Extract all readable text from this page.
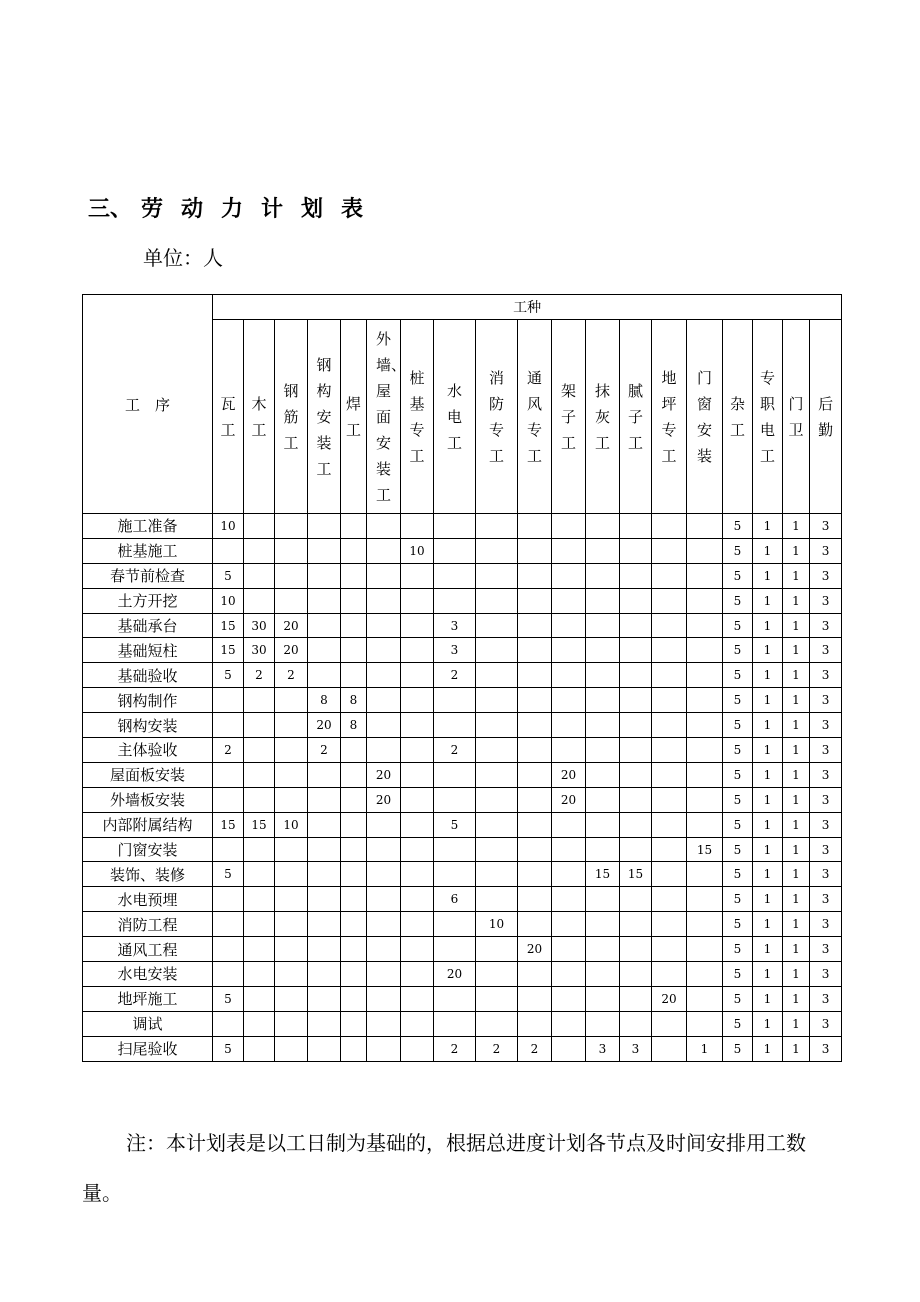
三、 劳 动 力 计 划 表
单位：人
工　序	工种																		
	瓦工	木工	钢筋工	钢构安装工	焊工	外墙、屋面安装工	桩基专工	水电工	消防专工	通风专工	架子工	抹灰工	腻子工	地坪专工	门窗安装	杂工	专职电工	门卫	后勤
施工准备	10															5	1	1	3
桩基施工							10									5	1	1	3
春节前检查	5															5	1	1	3
土方开挖	10															5	1	1	3
基础承台	15	30	20					3								5	1	1	3
基础短柱	15	30	20					3								5	1	1	3
基础验收	5	2	2					2								5	1	1	3
钢构制作				8	8											5	1	1	3
钢构安装				20	8											5	1	1	3
主体验收	2			2				2								5	1	1	3
屋面板安装						20					20					5	1	1	3
外墙板安装						20					20					5	1	1	3
内部附属结构	15	15	10					5								5	1	1	3
门窗安装															15	5	1	1	3
装饰、装修	5											15	15			5	1	1	3
水电预埋								6								5	1	1	3
消防工程									10							5	1	1	3
通风工程										20						5	1	1	3
水电安装								20								5	1	1	3
地坪施工	5													20		5	1	1	3
调试																5	1	1	3
扫尾验收	5							2	2	2		3	3		1	5	1	1	3
注：本计划表是以工日制为基础的，根据总进度计划各节点及时间安排用工数量。
